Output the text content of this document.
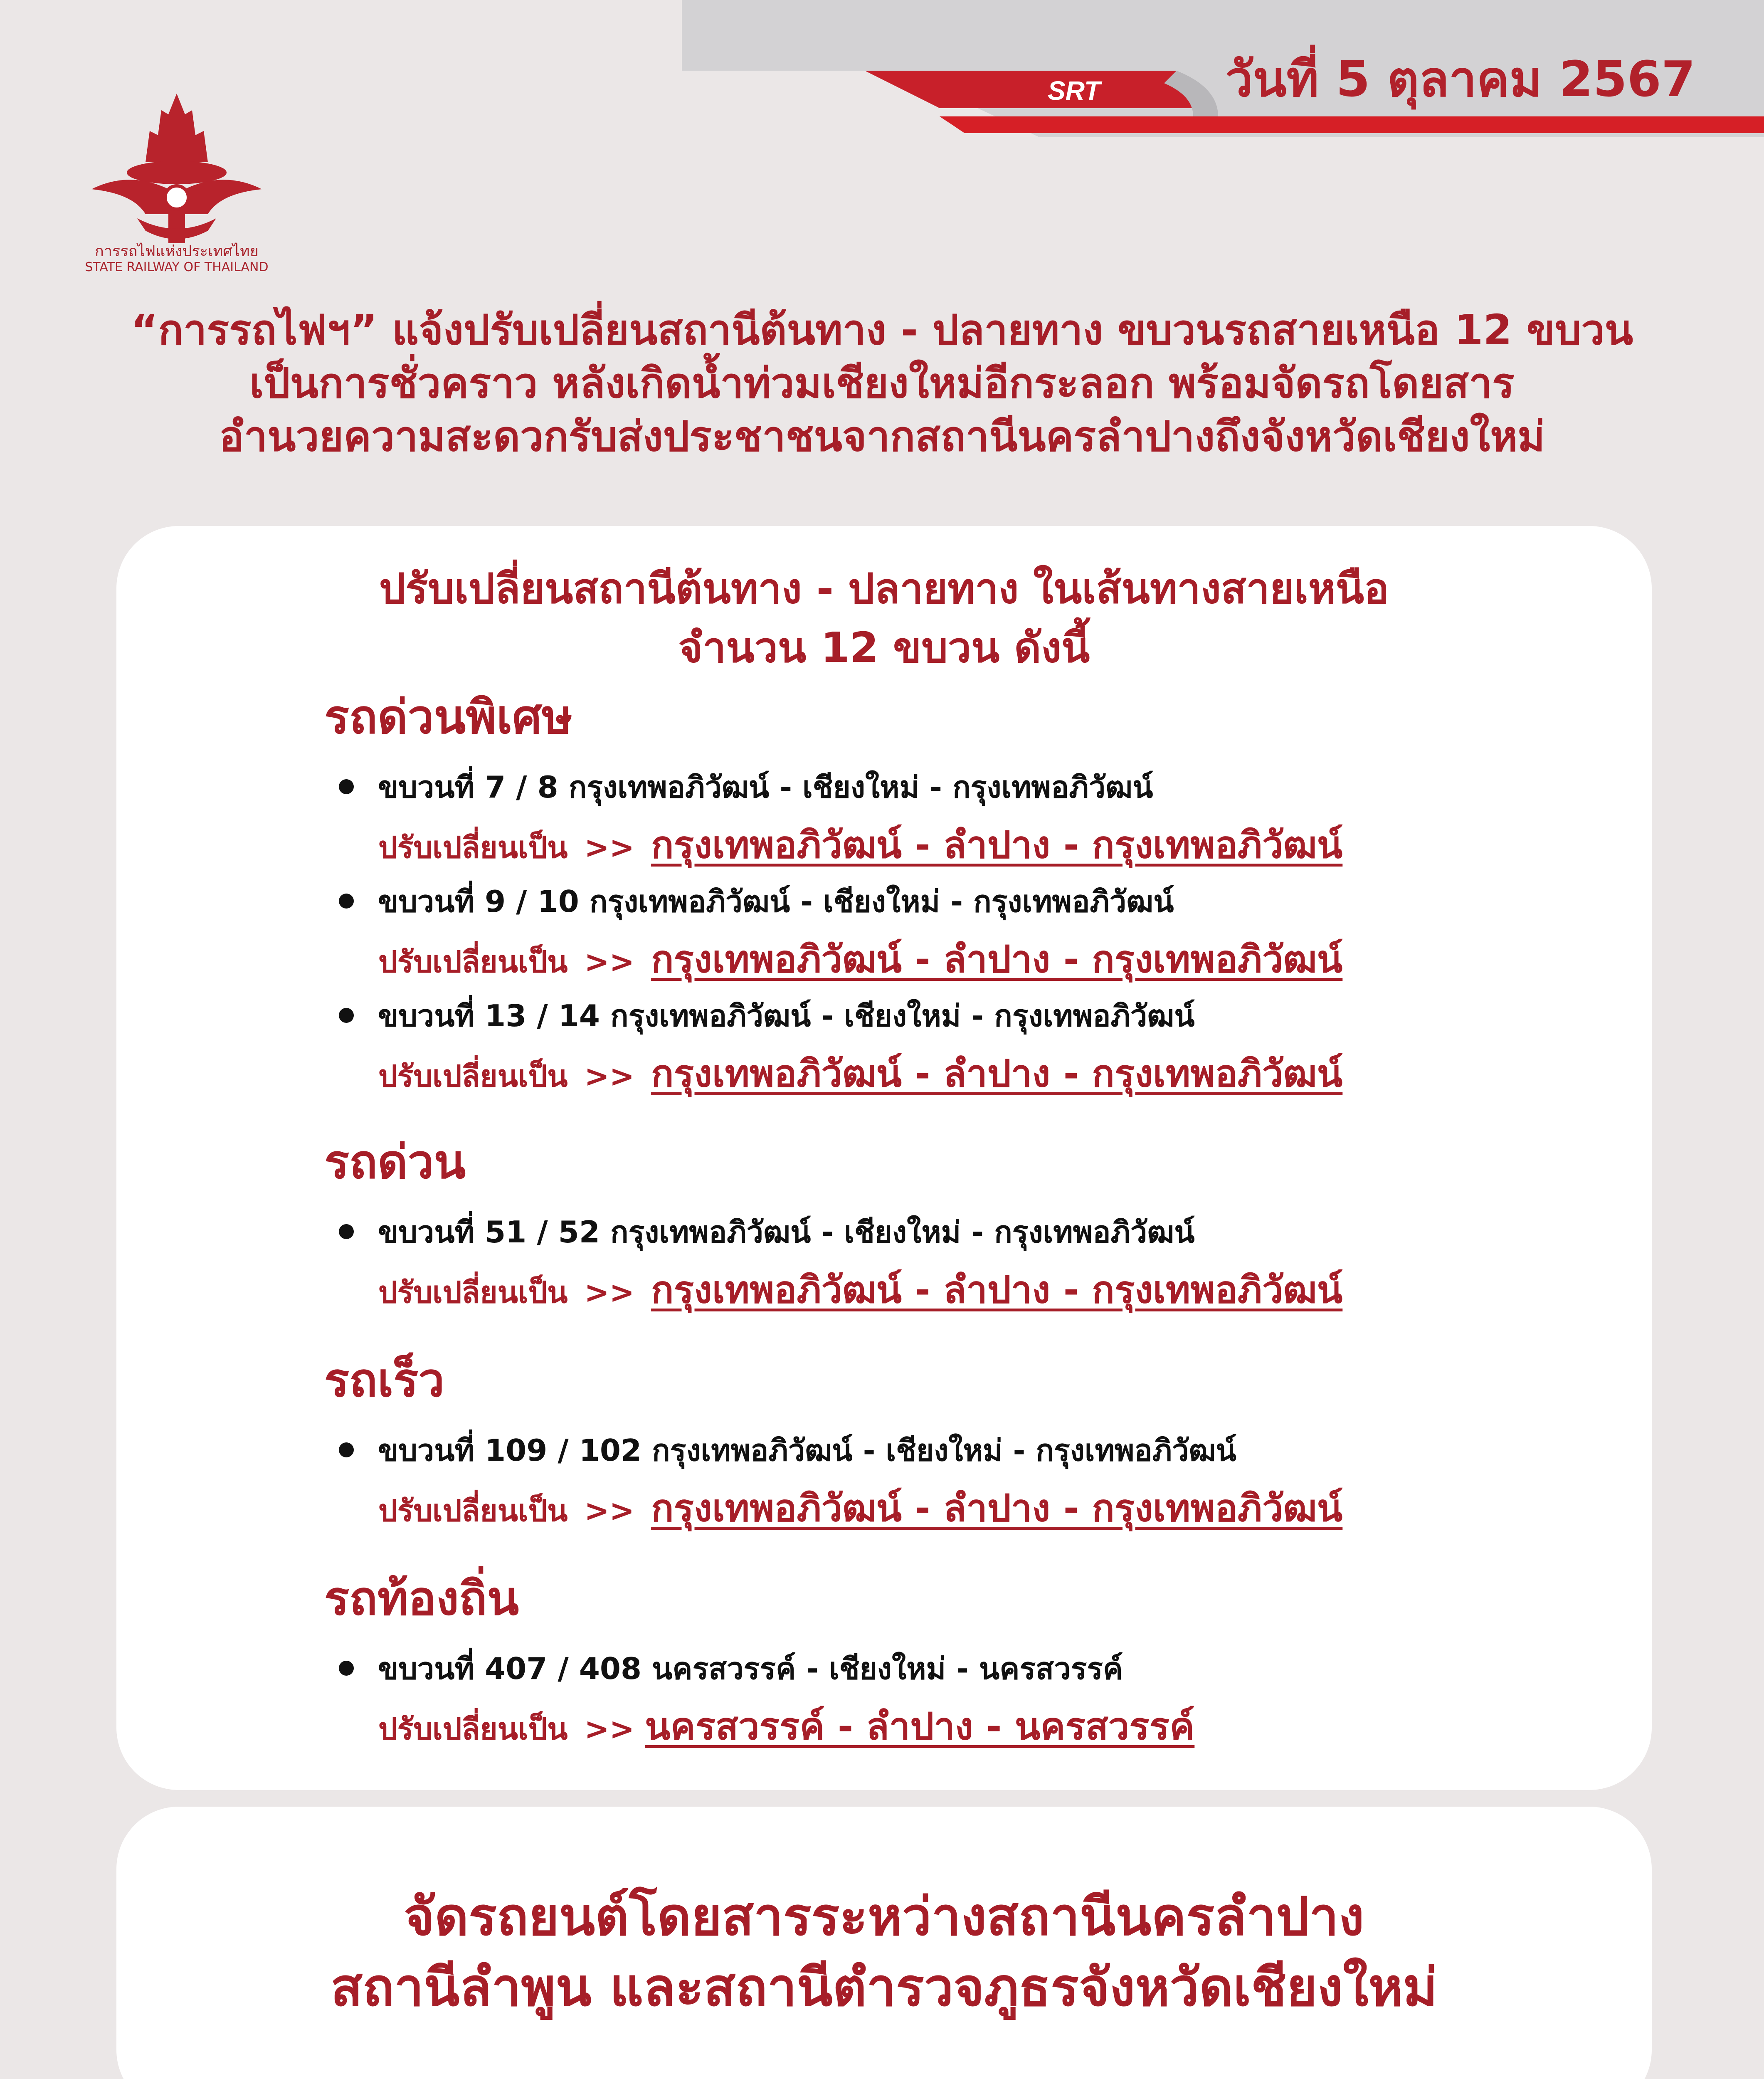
SRT	วันที่ 5 ตุลาคม 2567
การรถไฟแห่งประเทศไทย
STATE RAILWAY OF THAILAND
“การรถไฟฯ” แจ้งปรับเปลี่ยนสถานีต้นทาง - ปลายทาง ขบวนรถสายเหนือ 12 ขบวน
เป็นการชั่วคราว หลังเกิดน้ำท่วมเชียงใหม่อีกระลอก พร้อมจัดรถโดยสาร
อำนวยความสะดวกรับส่งประชาชนจากสถานีนครลำปางถึงจังหวัดเชียงใหม่
ปรับเปลี่ยนสถานีต้นทาง - ปลายทาง ในเส้นทางสายเหนือ
จำนวน 12 ขบวน ดังนี้
รถด่วนพิเศษ
ขบวนที่ 7 / 8 กรุงเทพอภิวัฒน์ - เชียงใหม่ - กรุงเทพอภิวัฒน์
ปรับเปลี่ยนเป็น >> กรุงเทพอภิวัฒน์ - ลำปาง - กรุงเทพอภิวัฒน์
ขบวนที่ 9 / 10 กรุงเทพอภิวัฒน์ - เชียงใหม่ - กรุงเทพอภิวัฒน์
ปรับเปลี่ยนเป็น >> กรุงเทพอภิวัฒน์ - ลำปาง - กรุงเทพอภิวัฒน์
ขบวนที่ 13 / 14 กรุงเทพอภิวัฒน์ - เชียงใหม่ - กรุงเทพอภิวัฒน์
ปรับเปลี่ยนเป็น >> กรุงเทพอภิวัฒน์ - ลำปาง - กรุงเทพอภิวัฒน์
รถด่วน
ขบวนที่ 51 / 52 กรุงเทพอภิวัฒน์ - เชียงใหม่ - กรุงเทพอภิวัฒน์
ปรับเปลี่ยนเป็น >> กรุงเทพอภิวัฒน์ - ลำปาง - กรุงเทพอภิวัฒน์
รถเร็ว
ขบวนที่ 109 / 102 กรุงเทพอภิวัฒน์ - เชียงใหม่ - กรุงเทพอภิวัฒน์
ปรับเปลี่ยนเป็น >> กรุงเทพอภิวัฒน์ - ลำปาง - กรุงเทพอภิวัฒน์
รถท้องถิ่น
ขบวนที่ 407 / 408 นครสวรรค์ - เชียงใหม่ - นครสวรรค์
ปรับเปลี่ยนเป็น >> นครสวรรค์ - ลำปาง - นครสวรรค์
จัดรถยนต์โดยสารระหว่างสถานีนครลำปาง
สถานีลำพูน และสถานีตำรวจภูธรจังหวัดเชียงใหม่
